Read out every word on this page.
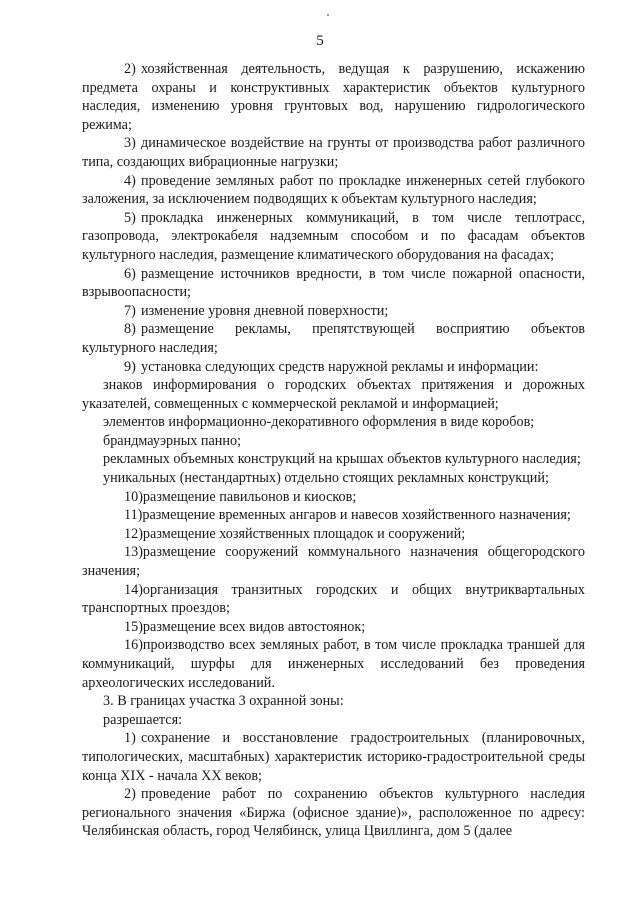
5

2) хозяйственная деятельность, ведущая к разрушению, искажению предмета охраны и конструктивных характеристик объектов культурного наследия, изменению уровня грунтовых вод, нарушению гидрологического режима;

3) динамическое воздействие на грунты от производства работ различного типа, создающих вибрационные нагрузки;

4) проведение земляных работ по прокладке инженерных сетей глубокого заложения, за исключением подводящих к объектам культурного наследия;

5) прокладка инженерных коммуникаций, в том числе теплотрасс, газопровода, электрокабеля надземным способом и по фасадам объектов культурного наследия, размещение климатического оборудования на фасадах;

6) размещение источников вредности, в том числе пожарной опасности, взрывоопасности;

7) изменение уровня дневной поверхности;

8) размещение рекламы, препятствующей восприятию объектов культурного наследия;

9) установка следующих средств наружной рекламы и информации:

знаков информирования о городских объектах притяжения и дорожных указателей, совмещенных с коммерческой рекламой и информацией;

элементов информационно-декоративного оформления в виде коробов;

брандмауэрных панно;

рекламных объемных конструкций на крышах объектов культурного наследия;

уникальных (нестандартных) отдельно стоящих рекламных конструкций;

10)размещение павильонов и киосков;

11)размещение временных ангаров и навесов хозяйственного назначения;

12)размещение хозяйственных площадок и сооружений;

13)размещение сооружений коммунального назначения общегородского значения;

14)организация транзитных городских и общих внутриквартальных транспортных проездов;

15)размещение всех видов автостоянок;

16)производство всех земляных работ, в том числе прокладка траншей для коммуникаций, шурфы для инженерных исследований без проведения археологических исследований.

3. В границах участка 3 охранной зоны:

разрешается:

1) сохранение и восстановление градостроительных (планировочных, типологических, масштабных) характеристик историко-градостроительной среды конца XIX - начала XX веков;

2) проведение работ по сохранению объектов культурного наследия регионального значения «Биржа (офисное здание)», расположенное по адресу: Челябинская область, город Челябинск, улица Цвиллинга, дом 5 (далее
